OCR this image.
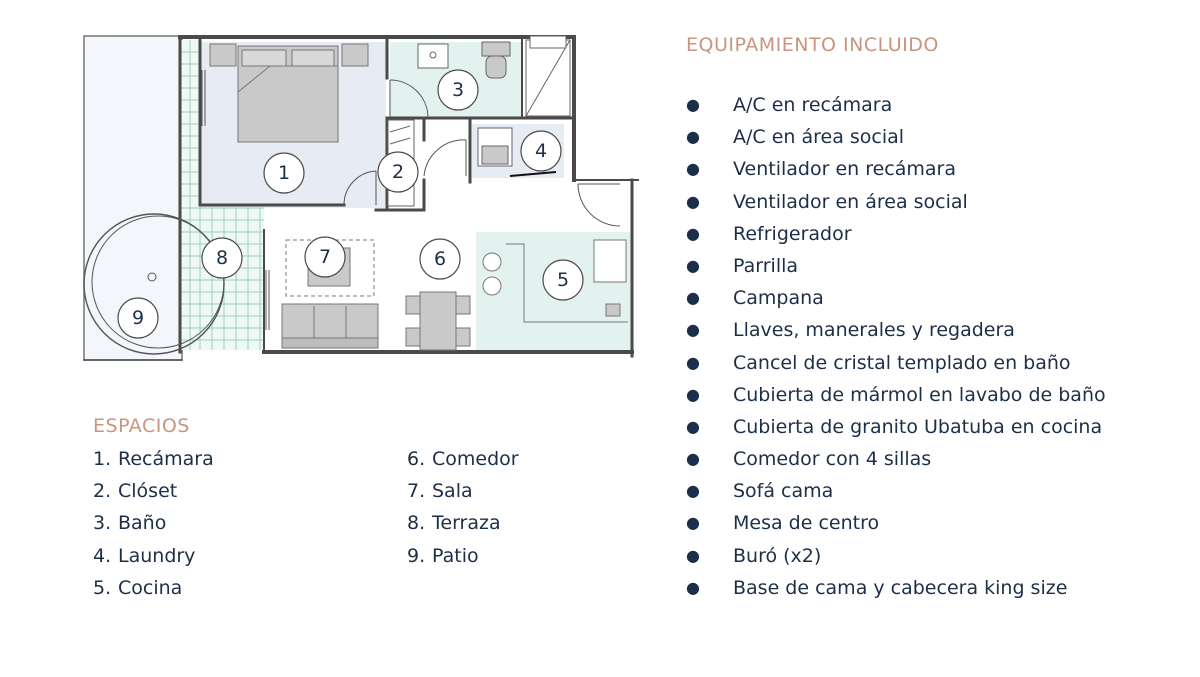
1	2
3
4
5
6
7
8
9
EQUIPAMIENTO INCLUIDO
●	A/C en recámara
●	A/C en área social
●	Ventilador en recámara
●	Ventilador en área social
●	Refrigerador
●	Parrilla
●	Campana
●	Llaves, manerales y regadera
●	Cancel de cristal templado en baño
●	Cubierta de mármol en lavabo de baño
●	Cubierta de granito Ubatuba en cocina
●	Comedor con 4 sillas
●	Sofá cama
●	Mesa de centro
●	Buró (x2)
●	Base de cama y cabecera king size
ESPACIOS
1. Recámara
2. Clóset
3. Baño
4. Laundry
5. Cocina
6. Comedor
7. Sala
8. Terraza
9. Patio
